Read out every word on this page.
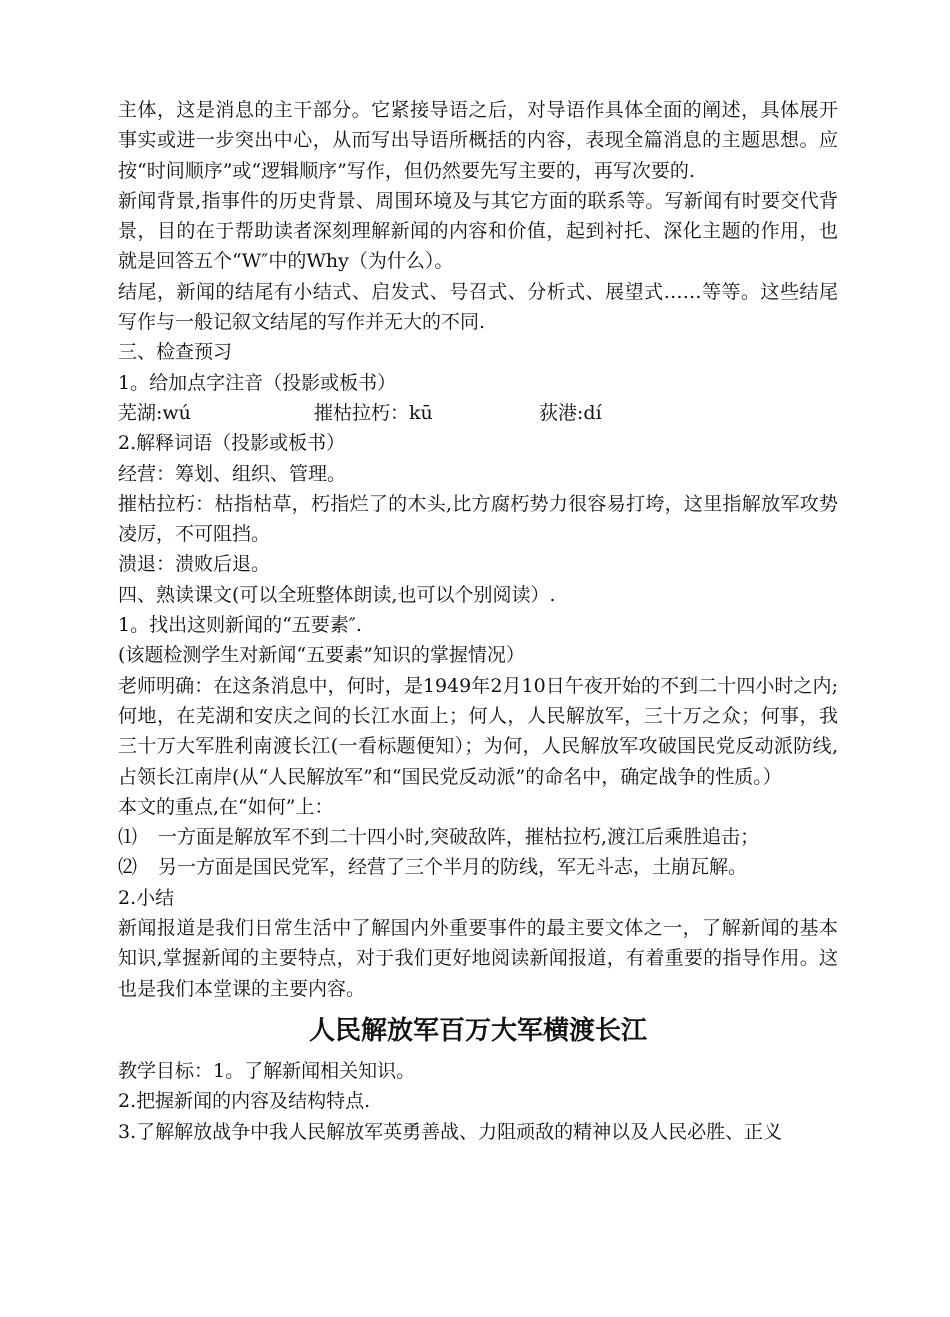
主体，这是消息的主干部分。它紧接导语之后，对导语作具体全面的阐述，具体展开事实或进一步突出中心，从而写出导语所概括的内容，表现全篇消息的主题思想。应按“时间顺序”或“逻辑顺序”写作，但仍然要先写主要的，再写次要的.

新闻背景,指事件的历史背景、周围环境及与其它方面的联系等。写新闻有时要交代背景，目的在于帮助读者深刻理解新闻的内容和价值，起到衬托、深化主题的作用，也就是回答五个“W″中的Why（为什么）。

结尾，新闻的结尾有小结式、启发式、号召式、分析式、展望式……等等。这些结尾写作与一般记叙文结尾的写作并无大的不同.

三、检查预习

1。给加点字注音（投影或板书）

芜湖:wú	摧枯拉朽：kū	荻港:dí

2.解释词语（投影或板书）

经营：筹划、组织、管理。

摧枯拉朽：枯指枯草，朽指烂了的木头,比方腐朽势力很容易打垮，这里指解放军攻势凌厉，不可阻挡。

溃退：溃败后退。

四、熟读课文(可以全班整体朗读,也可以个别阅读）.

1。找出这则新闻的“五要素″.

(该题检测学生对新闻“五要素”知识的掌握情况）

老师明确：在这条消息中，何时，是1949年2月10日午夜开始的不到二十四小时之内;何地，在芜湖和安庆之间的长江水面上；何人，人民解放军，三十万之众；何事，我三十万大军胜利南渡长江(一看标题便知）；为何，人民解放军攻破国民党反动派防线,占领长江南岸(从“人民解放军”和“国民党反动派”的命名中，确定战争的性质。）

本文的重点,在“如何”上：

⑴	一方面是解放军不到二十四小时,突破敌阵，摧枯拉朽,渡江后乘胜追击；
⑵	另一方面是国民党军，经营了三个半月的防线，军无斗志，土崩瓦解。

2.小结

新闻报道是我们日常生活中了解国内外重要事件的最主要文体之一，了解新闻的基本知识,掌握新闻的主要特点，对于我们更好地阅读新闻报道，有着重要的指导作用。这也是我们本堂课的主要内容。

人民解放军百万大军横渡长江

教学目标：1。了解新闻相关知识。

2.把握新闻的内容及结构特点.

3.了解解放战争中我人民解放军英勇善战、力阻顽敌的精神以及人民必胜、正义
